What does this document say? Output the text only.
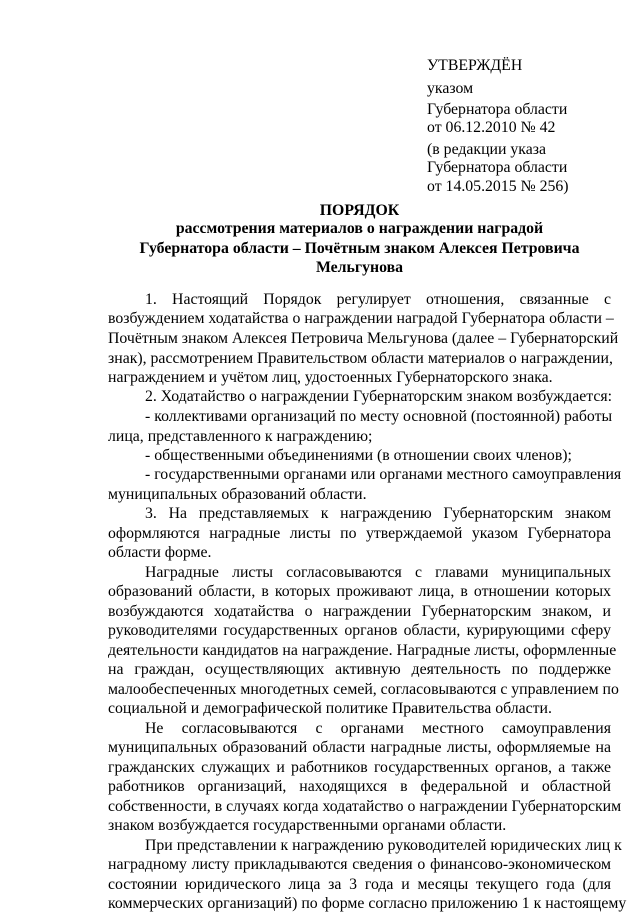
УТВЕРЖДЁН

указом

Губернатора области

от 06.12.2010 № 42

(в редакции указа

Губернатора области

от 14.05.2015 № 256)

ПОРЯДОК

рассмотрения материалов о награждении наградой

Губернатора области – Почётным знаком Алексея Петровича

Мельгунова

1. Настоящий Порядок регулирует отношения, связанные с

возбуждением ходатайства о награждении наградой Губернатора области –

Почётным знаком Алексея Петровича Мельгунова (далее – Губернаторский

знак), рассмотрением Правительством области материалов о награждении,

награждением и учётом лиц, удостоенных Губернаторского знака.

2. Ходатайство о награждении Губернаторским знаком возбуждается:

- коллективами организаций по месту основной (постоянной) работы

лица, представленного к награждению;

- общественными объединениями (в отношении своих членов);

- государственными органами или органами местного самоуправления

муниципальных образований области.

3. На представляемых к награждению Губернаторским знаком

оформляются наградные листы по утверждаемой указом Губернатора

области форме.

Наградные листы согласовываются с главами муниципальных

образований области, в которых проживают лица, в отношении которых

возбуждаются ходатайства о награждении Губернаторским знаком, и

руководителями государственных органов области, курирующими сферу

деятельности кандидатов на награждение. Наградные листы, оформленные

на граждан, осуществляющих активную деятельность по поддержке

малообеспеченных многодетных семей, согласовываются с управлением по

социальной и демографической политике Правительства области.

Не согласовываются с органами местного самоуправления

муниципальных образований области наградные листы, оформляемые на

гражданских служащих и работников государственных органов, а также

работников организаций, находящихся в федеральной и областной

собственности, в случаях когда ходатайство о награждении Губернаторским

знаком возбуждается государственными органами области.

При представлении к награждению руководителей юридических лиц к

наградному листу прикладываются сведения о финансово-экономическом

состоянии юридического лица за 3 года и месяцы текущего года (для

коммерческих организаций) по форме согласно приложению 1 к настоящему
